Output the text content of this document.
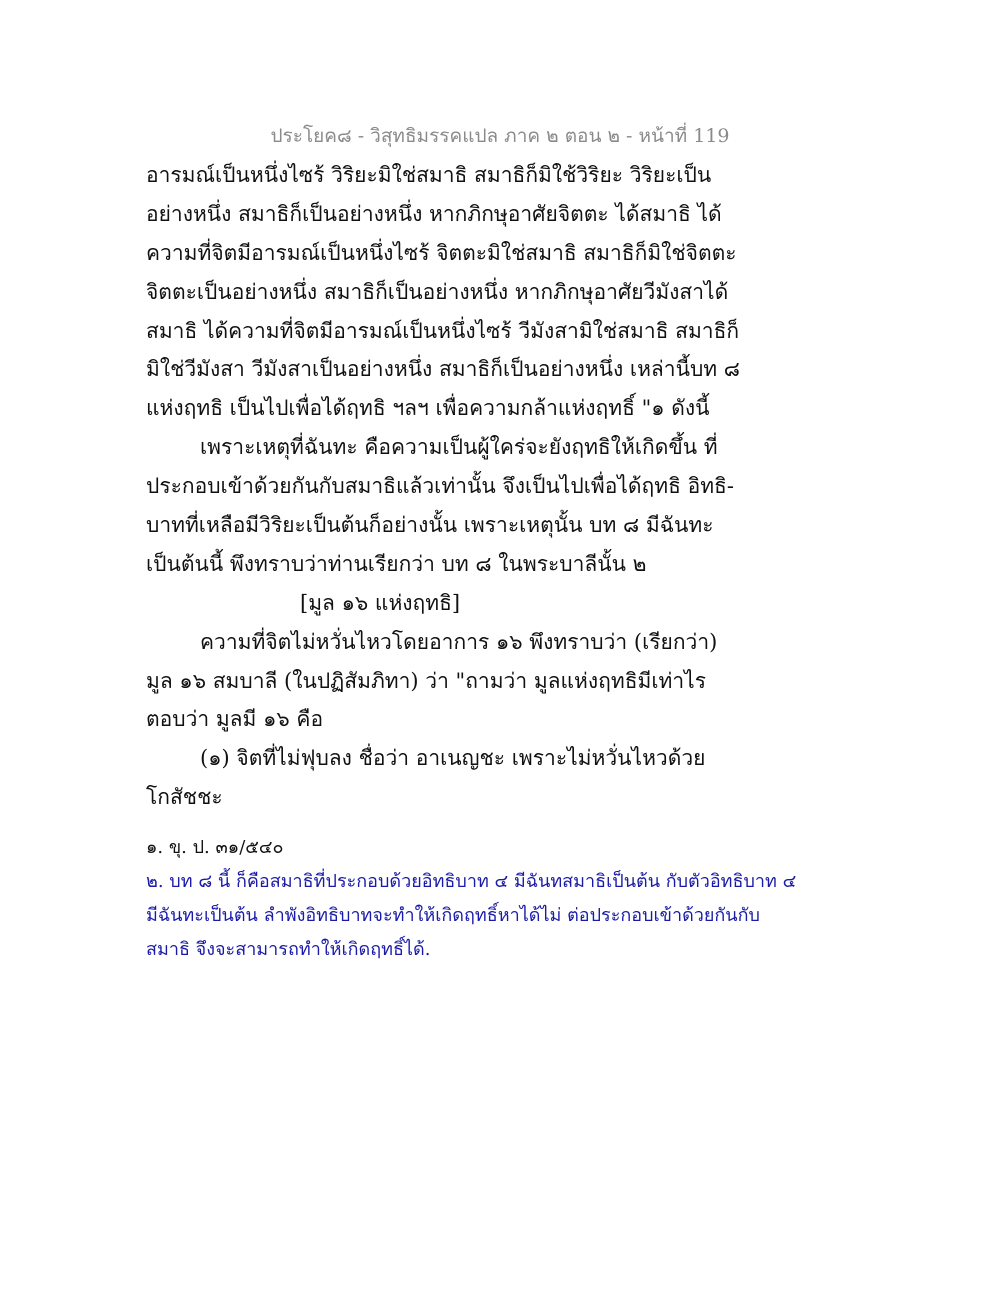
ประโยค๘ - วิสุทธิมรรคแปล ภาค ๒ ตอน ๒ - หน้าที่ 119
อารมณ์เป็นหนึ่งไซร้ วิริยะมิใช่สมาธิ สมาธิก็มิใช้วิริยะ วิริยะเป็น
อย่างหนึ่ง สมาธิก็เป็นอย่างหนึ่ง หากภิกษุอาศัยจิตตะ ได้สมาธิ ได้
ความที่จิตมีอารมณ์เป็นหนึ่งไซร้ จิตตะมิใช่สมาธิ สมาธิก็มิใช่จิตตะ
จิตตะเป็นอย่างหนึ่ง สมาธิก็เป็นอย่างหนึ่ง หากภิกษุอาศัยวีมังสาได้
สมาธิ ได้ความที่จิตมีอารมณ์เป็นหนึ่งไซร้ วีมังสามิใช่สมาธิ สมาธิก็
มิใช่วีมังสา วีมังสาเป็นอย่างหนึ่ง สมาธิก็เป็นอย่างหนึ่ง เหล่านี้บท ๘
แห่งฤทธิ เป็นไปเพื่อได้ฤทธิ ฯลฯ เพื่อความกล้าแห่งฤทธิ์ "๑ ดังนี้
เพราะเหตุที่ฉันทะ คือความเป็นผู้ใคร่จะยังฤทธิให้เกิดขึ้น ที่
ประกอบเข้าด้วยกันกับสมาธิแล้วเท่านั้น จึงเป็นไปเพื่อได้ฤทธิ อิทธิ-
บาทที่เหลือมีวิริยะเป็นต้นก็อย่างนั้น เพราะเหตุนั้น บท ๘ มีฉันทะ
เป็นต้นนี้ พึงทราบว่าท่านเรียกว่า บท ๘ ในพระบาลีนั้น ๒
[มูล ๑๖ แห่งฤทธิ]
ความที่จิตไม่หวั่นไหวโดยอาการ ๑๖ พึงทราบว่า (เรียกว่า)
มูล ๑๖ สมบาลี (ในปฏิสัมภิทา) ว่า "ถามว่า มูลแห่งฤทธิมีเท่าไร
ตอบว่า มูลมี ๑๖ คือ
(๑) จิตที่ไม่ฟุบลง ชื่อว่า อาเนญชะ เพราะไม่หวั่นไหวด้วย
โกสัชชะ
๑. ขุ. ป. ๓๑/๕๔๐
๒. บท ๘ นี้ ก็คือสมาธิที่ประกอบด้วยอิทธิบาท ๔ มีฉันทสมาธิเป็นต้น กับตัวอิทธิบาท ๔
มีฉันทะเป็นต้น ลำพังอิทธิบาทจะทำให้เกิดฤทธิ์หาได้ไม่ ต่อประกอบเข้าด้วยกันกับ
สมาธิ จึงจะสามารถทำให้เกิดฤทธิ์ได้.
